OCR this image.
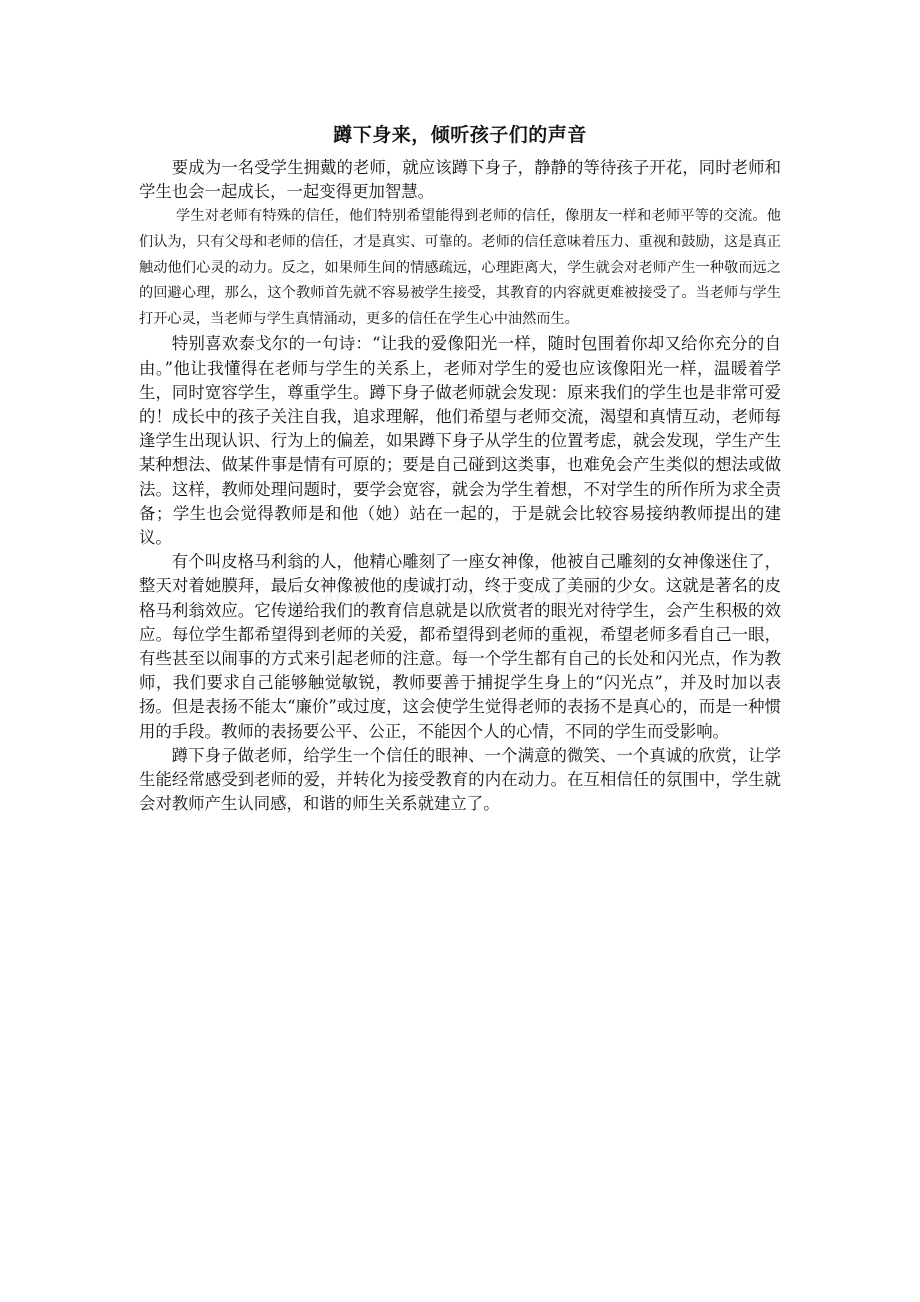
蹲下身来，倾听孩子们的声音

要成为一名受学生拥戴的老师，就应该蹲下身子，静静的等待孩子开花，同时老师和学生也会一起成长，一起变得更加智慧。

学生对老师有特殊的信任，他们特别希望能得到老师的信任，像朋友一样和老师平等的交流。他们认为，只有父母和老师的信任，才是真实、可靠的。老师的信任意味着压力、重视和鼓励，这是真正触动他们心灵的动力。反之，如果师生间的情感疏远，心理距离大，学生就会对老师产生一种敬而远之的回避心理，那么，这个教师首先就不容易被学生接受，其教育的内容就更难被接受了。当老师与学生打开心灵，当老师与学生真情涌动，更多的信任在学生心中油然而生。

特别喜欢泰戈尔的一句诗：“让我的爱像阳光一样，随时包围着你却又给你充分的自由。”他让我懂得在老师与学生的关系上，老师对学生的爱也应该像阳光一样，温暖着学生，同时宽容学生，尊重学生。蹲下身子做老师就会发现：原来我们的学生也是非常可爱的！成长中的孩子关注自我，追求理解，他们希望与老师交流，渴望和真情互动，老师每逢学生出现认识、行为上的偏差，如果蹲下身子从学生的位置考虑，就会发现，学生产生某种想法、做某件事是情有可原的；要是自己碰到这类事，也难免会产生类似的想法或做法。这样，教师处理问题时，要学会宽容，就会为学生着想，不对学生的所作所为求全责备；学生也会觉得教师是和他（她）站在一起的，于是就会比较容易接纳教师提出的建议。

有个叫皮格马利翁的人，他精心雕刻了一座女神像，他被自己雕刻的女神像迷住了，整天对着她膜拜，最后女神像被他的虔诚打动，终于变成了美丽的少女。这就是著名的皮格马利翁效应。它传递给我们的教育信息就是以欣赏者的眼光对待学生，会产生积极的效应。每位学生都希望得到老师的关爱，都希望得到老师的重视，希望老师多看自己一眼，有些甚至以闹事的方式来引起老师的注意。每一个学生都有自己的长处和闪光点，作为教师，我们要求自己能够触觉敏锐，教师要善于捕捉学生身上的“闪光点”，并及时加以表扬。但是表扬不能太“廉价”或过度，这会使学生觉得老师的表扬不是真心的，而是一种惯用的手段。教师的表扬要公平、公正，不能因个人的心情，不同的学生而受影响。

蹲下身子做老师，给学生一个信任的眼神、一个满意的微笑、一个真诚的欣赏，让学生能经常感受到老师的爱，并转化为接受教育的内在动力。在互相信任的氛围中，学生就会对教师产生认同感，和谐的师生关系就建立了。
